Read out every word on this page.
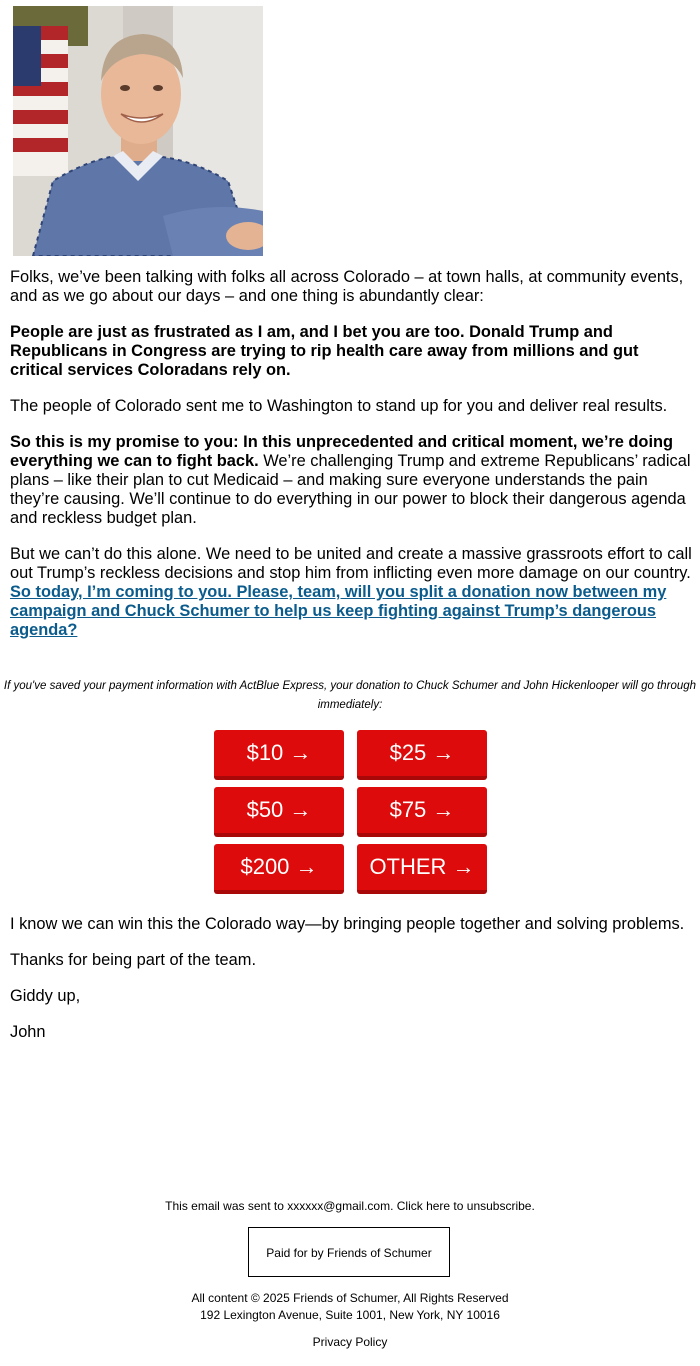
Folks, we’ve been talking with folks all across Colorado – at town halls, at community events, and as we go about our days – and one thing is abundantly clear:

People are just as frustrated as I am, and I bet you are too. Donald Trump and Republicans in Congress are trying to rip health care away from millions and gut critical services Coloradans rely on.

The people of Colorado sent me to Washington to stand up for you and deliver real results.

So this is my promise to you: In this unprecedented and critical moment, we’re doing everything we can to fight back. We’re challenging Trump and extreme Republicans’ radical plans – like their plan to cut Medicaid – and making sure everyone understands the pain they’re causing. We’ll continue to do everything in our power to block their dangerous agenda and reckless budget plan.

But we can’t do this alone. We need to be united and create a massive grassroots effort to call out Trump’s reckless decisions and stop him from inflicting even more damage on our country. So today, I’m coming to you. Please, team, will you split a donation now between my campaign and Chuck Schumer to help us keep fighting against Trump’s dangerous agenda?

If you've saved your payment information with ActBlue Express, your donation to Chuck Schumer and John Hickenlooper will go through immediately:
$10 →	$25 →
$50 →	$75 →
$200 →	OTHER →

I know we can win this the Colorado way—by bringing people together and solving problems.

Thanks for being part of the team.

Giddy up,

John

This email was sent to xxxxxx@gmail.com. Click here to unsubscribe.
Paid for by Friends of Schumer
All content © 2025 Friends of Schumer, All Rights Reserved
192 Lexington Avenue, Suite 1001, New York, NY 10016
Privacy Policy
